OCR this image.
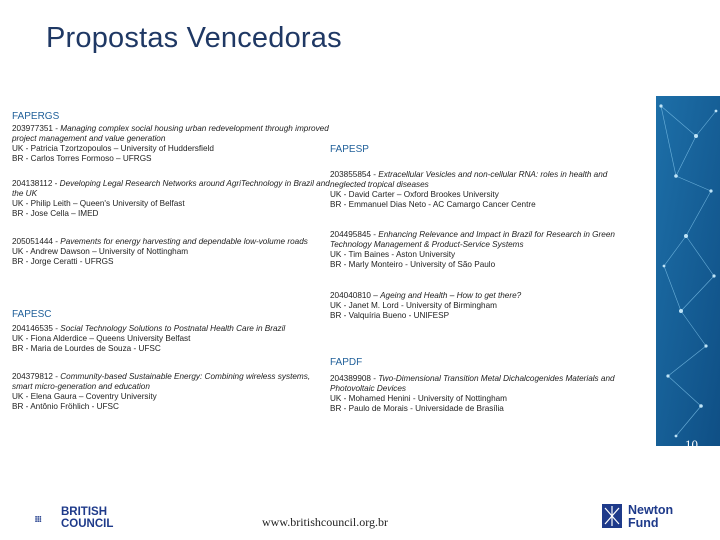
Propostas Vencedoras
FAPERGS
203977351 - Managing complex social housing urban redevelopment through improved project management and value generation
UK - Patricia Tzortzopoulos – University of Huddersfield
BR - Carlos Torres Formoso – UFRGS
204138112 - Developing Legal Research Networks around AgriTechnology in Brazil and the UK
UK - Philip Leith – Queen's University of Belfast
BR - Jose Cella – IMED
205051444 - Pavements for energy harvesting and dependable low-volume roads
UK - Andrew Dawson – University of Nottingham
BR - Jorge Ceratti - UFRGS
FAPESC
204146535 - Social Technology Solutions to Postnatal Health Care in Brazil
UK - Fiona Alderdice – Queens University Belfast
BR - Maria de Lourdes de Souza - UFSC
204379812 - Community-based Sustainable Energy: Combining wireless systems, smart micro-generation and education
UK - Elena Gaura – Coventry University
BR - Antônio Fröhlich - UFSC
FAPESP
203855854 - Extracellular Vesicles and non-cellular RNA: roles in health and neglected tropical diseases
UK - David Carter – Oxford Brookes University
BR - Emmanuel Dias Neto - AC Camargo Cancer Centre
204495845 - Enhancing Relevance and Impact in Brazil for Research in Green Technology Management & Product-Service Systems
UK - Tim Baines - Aston University
BR - Marly Monteiro - University of São Paulo
204040810 – Ageing and Health – How to get there?
UK - Janet M. Lord - University of Birmingham
BR - Valquíria Bueno - UNIFESP
FAPDF
204389908 - Two-Dimensional Transition Metal Dichalcogenides Materials and Photovoltaic Devices
UK - Mohamed Henini - University of Nottingham
BR - Paulo de Morais - Universidade de Brasília
10
BRITISH
COUNCIL	www.britishcouncil.org.br
Newton
Fund
